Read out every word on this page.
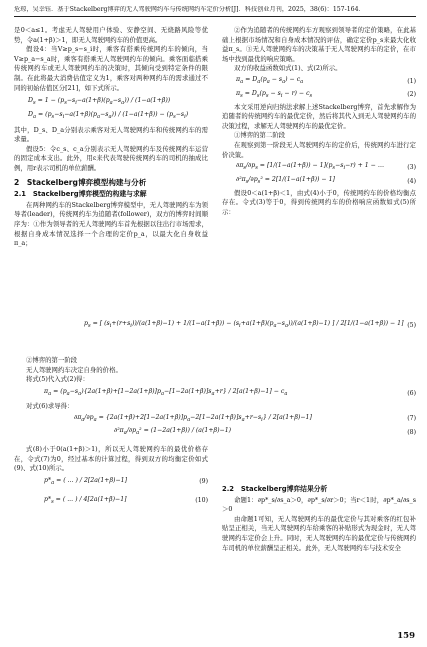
危琼，吴幸钰．基于Stackelberg博弈的无人驾驶网约车与传统网约车定价分析[J]．科技创业月刊，2025，38(6)：157-164．

是0＜a≤1。考虑无人驾驶用户体验、安静空间、无烧路风险等优势，令a(1+β)＞1，即无人驾驶网约车的价值更高。

假设4：当V≥p_s−s_i时，乘客有搭乘传统网约车的倾向，当V≥p_a−s_a时，乘客有搭乘无人驾驶网约车的倾向。乘客面临搭乘传统网约车或无人驾驶网约车的决策时，其倾向受到特定条件的限制。在此将最大消费估值定义为1，乘客对两种网约车的需求通过不同的初始估值区分[21]，如下式所示。

$D_s = 1 - (p_s-s_i-a(1+\beta)(p_a-s_a)) / (1-a(1+\beta))$
$D_a = (p_s-s_i-a(1+\beta)(p_a-s_a)) / (1-a(1+\beta)) - (p_s-s_i)$

其中，D_s、D_a分别表示乘客对无人驾驶网约车和传统网约车的需求量。

假设5：令c_s、c_a分别表示无人驾驶网约车及传统网约车运营的固定成本支出。此外，用ε来代表驾驶传统网约车的司机的抽成比例，用r表示司机的单位薪酬。

2　Stackelberg博弈模型构建与分析
2.1　Stackelberg博弈模型的构建与求解

在两种网约车的Stackelberg博弈模型中，无人驾驶网约车为领导者(leader)，传统网约车为追随者(follower)，双方的博弈时间顺序为：①作为领导者的无人驾驶网约车首先根据以往出行市场需求，根据自身成本情况选择一个合理的定价p_a，以最大化自身收益π_a；

②作为追随者的传统网约车方观察到领导者的定价策略，在此基础上根据市场情况和自身成本情况的评估，确定定价p_s来最大化收益π_s。③无人驾驶网约车的决策基于无人驾驶网约车的定价，在市场中找到最优的响应策略。

双方的收益函数如式(1)、式(2)所示。

$\pi_a = D_a(p_a - s_a) - c_a$	(1)
$\pi_s = D_s(p_s - s_i - r) - c_s$	(2)

本文采用逆向归纳法求解上述Stackelberg博弈，首先求解作为追随者的传统网约车的最优定价，然后将其代入到无人驾驶网约车的决策过程，求解无人驾驶网约车的最优定价。

①博弈的第二阶段

在观察到第一阶段无人驾驶网约车的定价后，传统网约车进行定价决策。

$\partial\pi_s/\partial p_s = [1/(1-a(1+\beta)) - 1](p_s-s_i-r) + 1$ − …	(3)
$\partial^2\pi_s/\partial p_s^2 = 2[1/(1-a(1+\beta)) - 1]$	(4)

假设0＜a(1+β)＜1，由式(4)小于0，传统网约车的价格均衡点存在。令式(3)等于0，得到传统网约车的价格响应函数如式(5)所示：

$p_s$ = [ $(s_i+(r+s_i))/(a(1+\beta)-1) + 1/(1-a(1+\beta)) - (s_i+a(1+\beta)(p_a-s_a))/(a(1+\beta)-1)$ ] / 2[1/(1−a(1+β)) − 1] (5)

②博弈的第一阶段

无人驾驶网约车决定自身的价格。

将式(5)代入式(2)得：

$\pi_a = (p_a-s_a)\{2a(1+\beta)+[1-2a(1+\beta)]p_a-[1-2a(1+\beta)]s_a+r\} / 2[a(1+\beta)-1] - c_a$	(6)

对式(6)求导得：

$\partial\pi_a/\partial p_a = \{2a(1+\beta)+2[1-2a(1+\beta)]p_a-2[1-2a(1+\beta)]s_a+r-s_i\} / 2[a(1+\beta)-1]$	(7)
$\partial^2\pi_a/\partial p_a^2 = (1-2a(1+\beta)) / (a(1+\beta)-1)$	(8)

式(8)小于0(a(1+β)＞1)，所以无人驾驶网约车的最优价格存在，令式(7)为0，经过基本的计算过程，得到双方的均衡定价如式(9)、式(10)所示。

$p*_a$ = ( ... ) / 2[2a(1+β)−1]	(9)
$p*_s$ = ( ... ) / 4[2a(1+β)−1]	(10)
2.2　Stackelberg博弈结果分析

命题1：∂p*_s/∂s_a＞0，∂p*_s/∂r＞0；当r＜1时，∂p*_a/∂s_s＞0

由命题1可知，无人驾驶网约车的最优定价与其对乘客的红包补贴呈正相关，当无人驾驶网约车给乘客的补贴形式为现金时，无人驾驶网约车定价会上升。同时，无人驾驶网约车的最优定价与传统网约车司机的单位薪酬呈正相关。此外，无人驾驶网约车与技术安全

159
